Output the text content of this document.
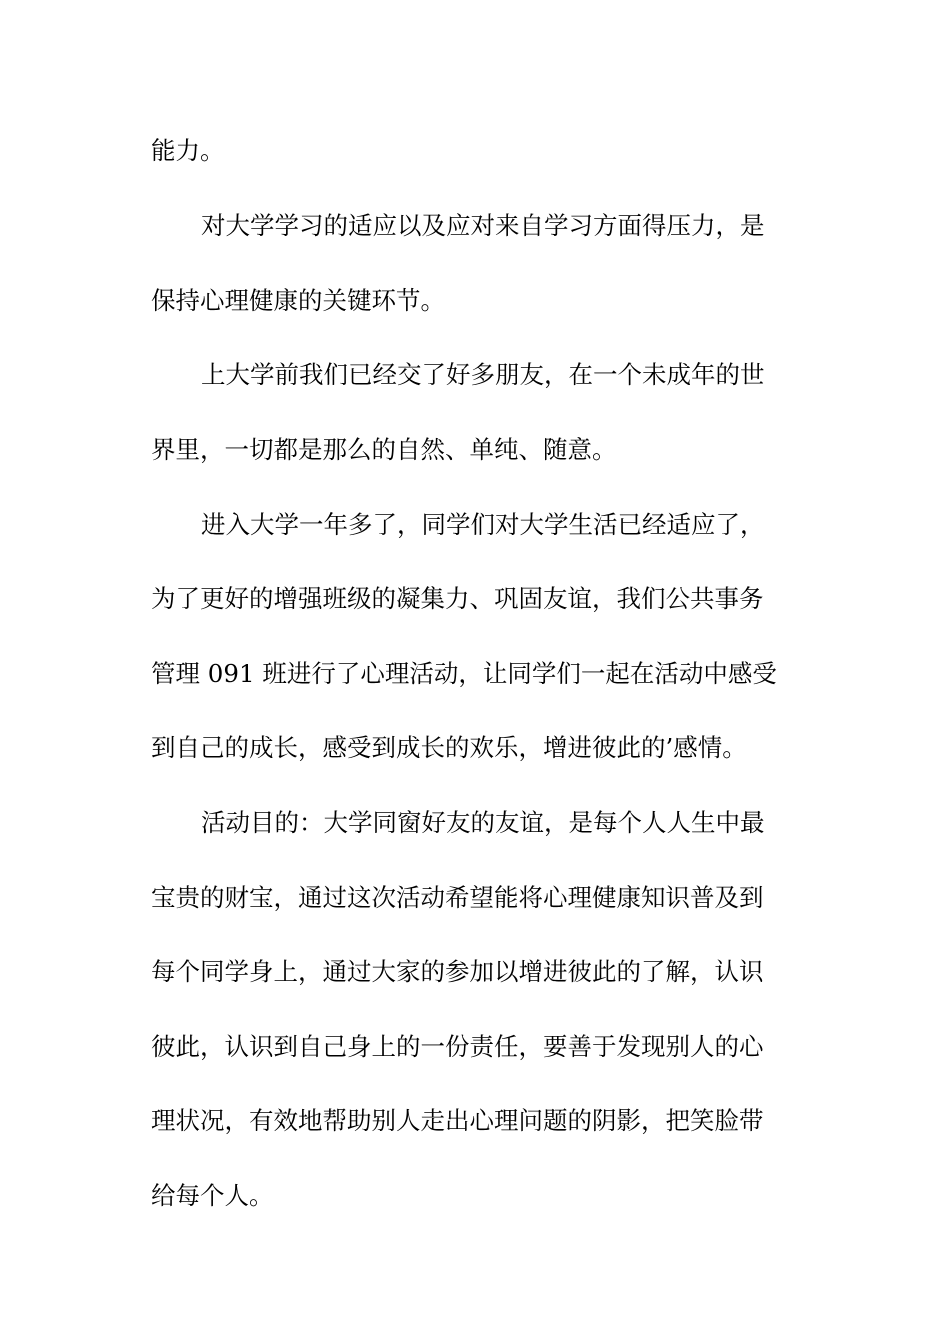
能力。
对大学学习的适应以及应对来自学习方面得压力，是
保持心理健康的关键环节。
上大学前我们已经交了好多朋友，在一个未成年的世
界里，一切都是那么的自然、单纯、随意。
进入大学一年多了，同学们对大学生活已经适应了，
为了更好的增强班级的凝集力、巩固友谊，我们公共事务
管理 091 班进行了心理活动，让同学们一起在活动中感受
到自己的成长，感受到成长的欢乐，增进彼此的’感情。
活动目的：大学同窗好友的友谊，是每个人人生中最
宝贵的财宝，通过这次活动希望能将心理健康知识普及到
每个同学身上，通过大家的参加以增进彼此的了解，认识
彼此，认识到自己身上的一份责任，要善于发现别人的心
理状况，有效地帮助别人走出心理问题的阴影，把笑脸带
给每个人。
